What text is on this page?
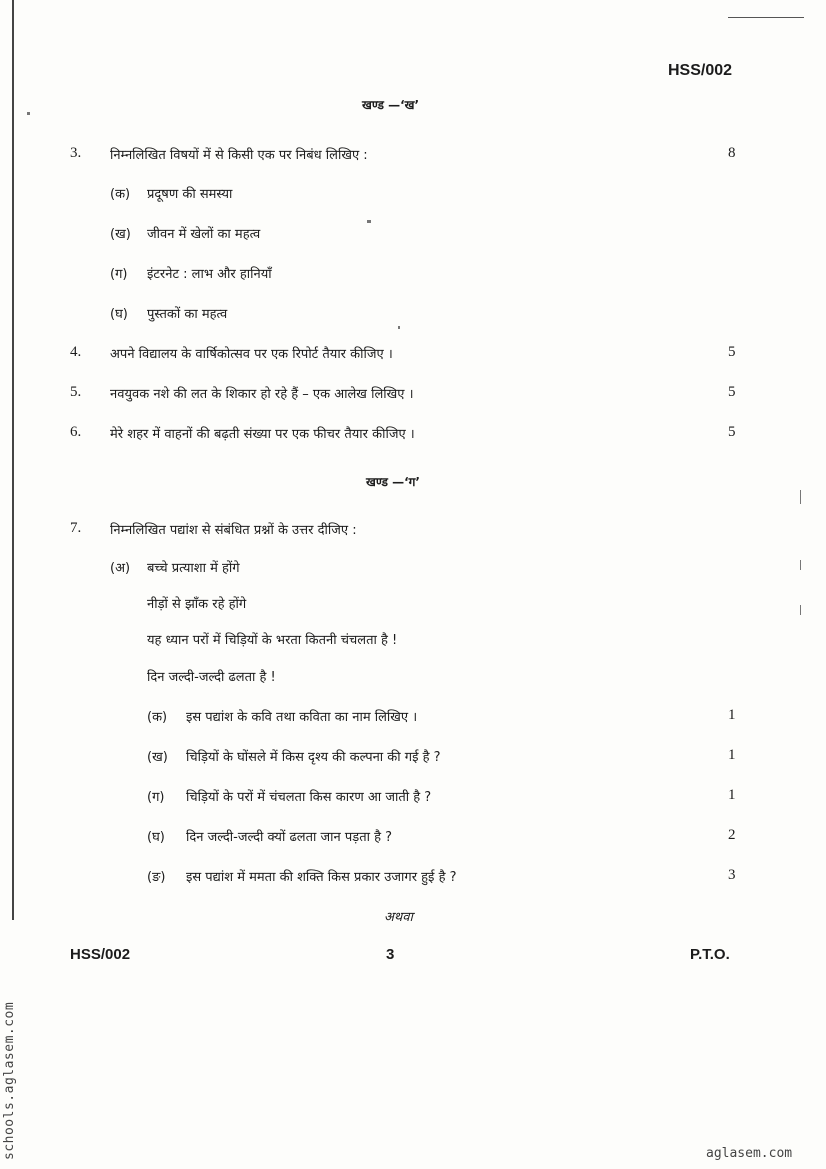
HSS/002
खण्ड —‘ख’
3. निम्नलिखित विषयों में से किसी एक पर निबंध लिखिए :	8
(क) प्रदूषण की समस्या
(ख) जीवन में खेलों का महत्व
(ग) इंटरनेट : लाभ और हानियाँ
(घ) पुस्तकों का महत्व
4. अपने विद्यालय के वार्षिकोत्सव पर एक रिपोर्ट तैयार कीजिए ।	5
5. नवयुवक नशे की लत के शिकार हो रहे हैं – एक आलेख लिखिए ।	5
6. मेरे शहर में वाहनों की बढ़ती संख्या पर एक फीचर तैयार कीजिए ।	5
खण्ड —‘ग’
7. निम्नलिखित पद्यांश से संबंधित प्रश्नों के उत्तर दीजिए :
(अ) बच्चे प्रत्याशा में होंगे
नीड़ों से झाँक रहे होंगे
यह ध्यान परों में चिड़ियों के भरता कितनी चंचलता है !
दिन जल्दी-जल्दी ढलता है !
(क) इस पद्यांश के कवि तथा कविता का नाम लिखिए ।	1
(ख) चिड़ियों के घोंसले में किस दृश्य की कल्पना की गई है ?	1
(ग) चिड़ियों के परों में चंचलता किस कारण आ जाती है ?	1
(घ) दिन जल्दी-जल्दी क्यों ढलता जान पड़ता है ?	2
(ङ) इस पद्यांश में ममता की शक्ति किस प्रकार उजागर हुई है ?	3
अथवा
HSS/002	3	P.T.O.
schools.aglasem.com	aglasem.com
